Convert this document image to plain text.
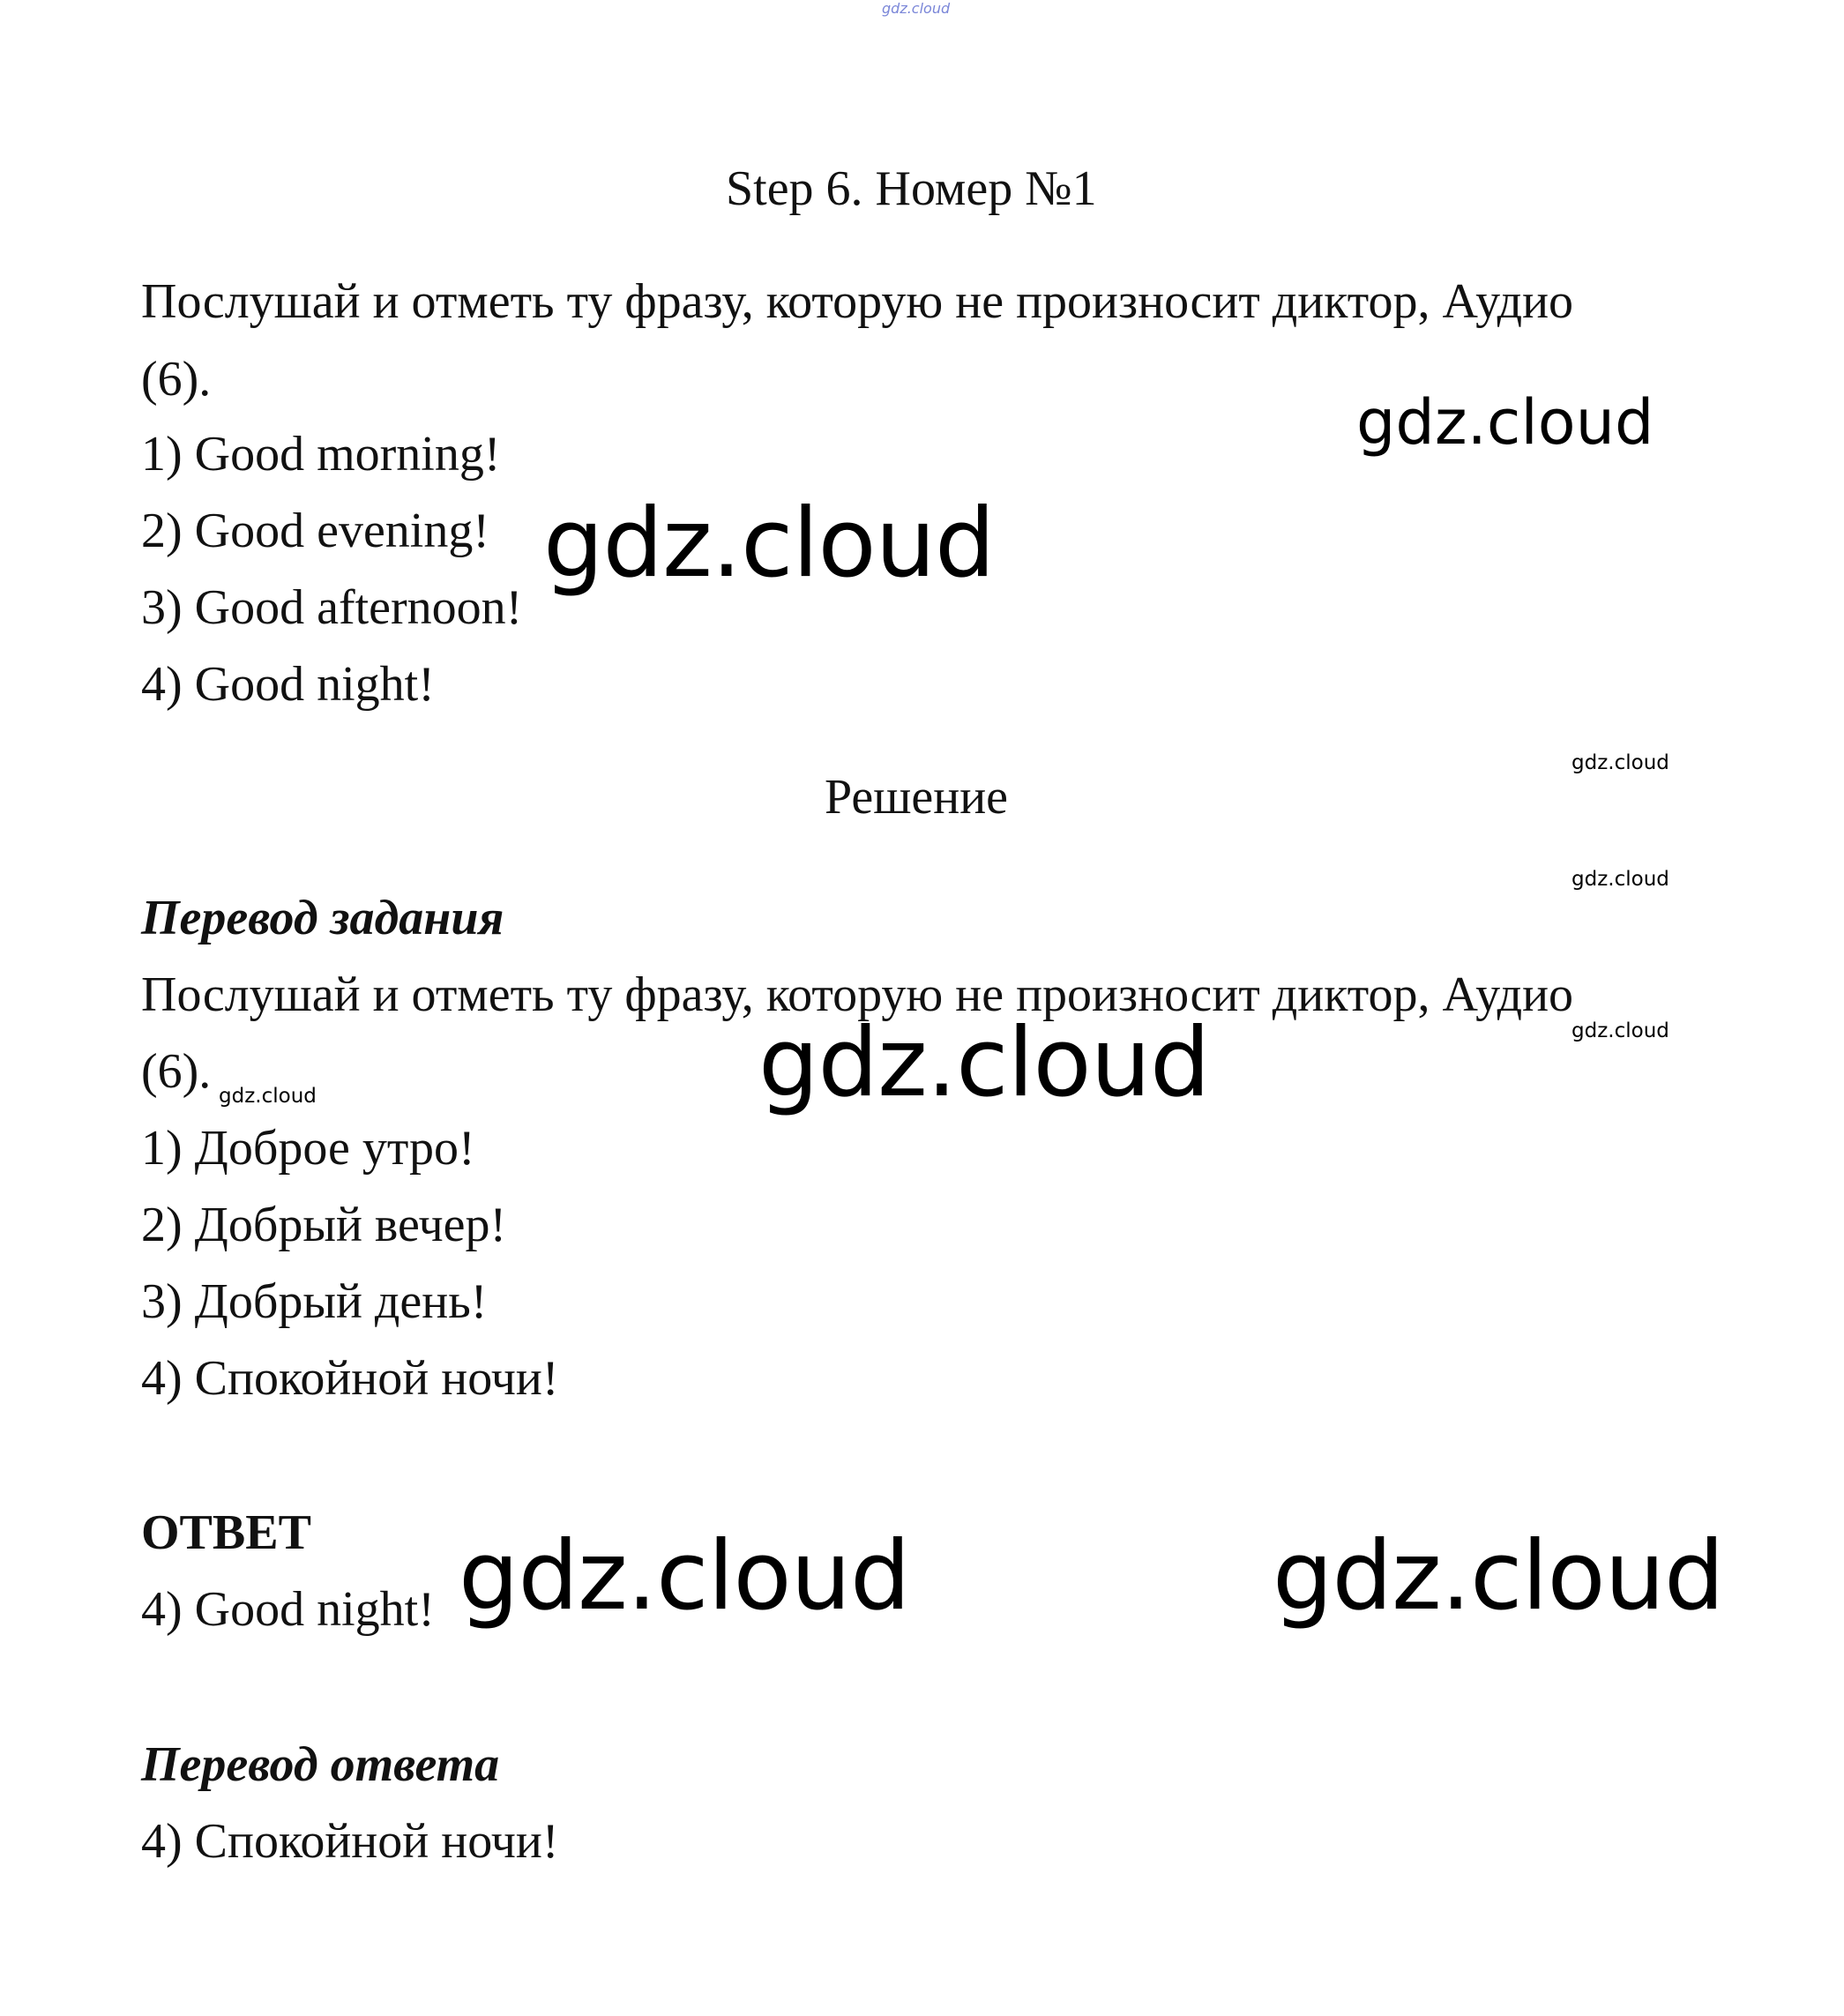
gdz.cloud
Step 6. Номер №1
Послушай и отметь ту фразу, которую не произносит диктор, Аудио
(6).
1) Good morning!
2) Good evening!
3) Good afternoon!
4) Good night!
Решение
Перевод задания
Послушай и отметь ту фразу, которую не произносит диктор, Аудио
(6).
1) Доброе утро!
2) Добрый вечер!
3) Добрый день!
4) Спокойной ночи!
ОТВЕТ
4) Good night!
Перевод ответа
4) Спокойной ночи!
gdz.cloud
gdz.cloud
gdz.cloud
gdz.cloud
gdz.cloud
gdz.cloud
gdz.cloud
gdz.cloud	gdz.cloud
